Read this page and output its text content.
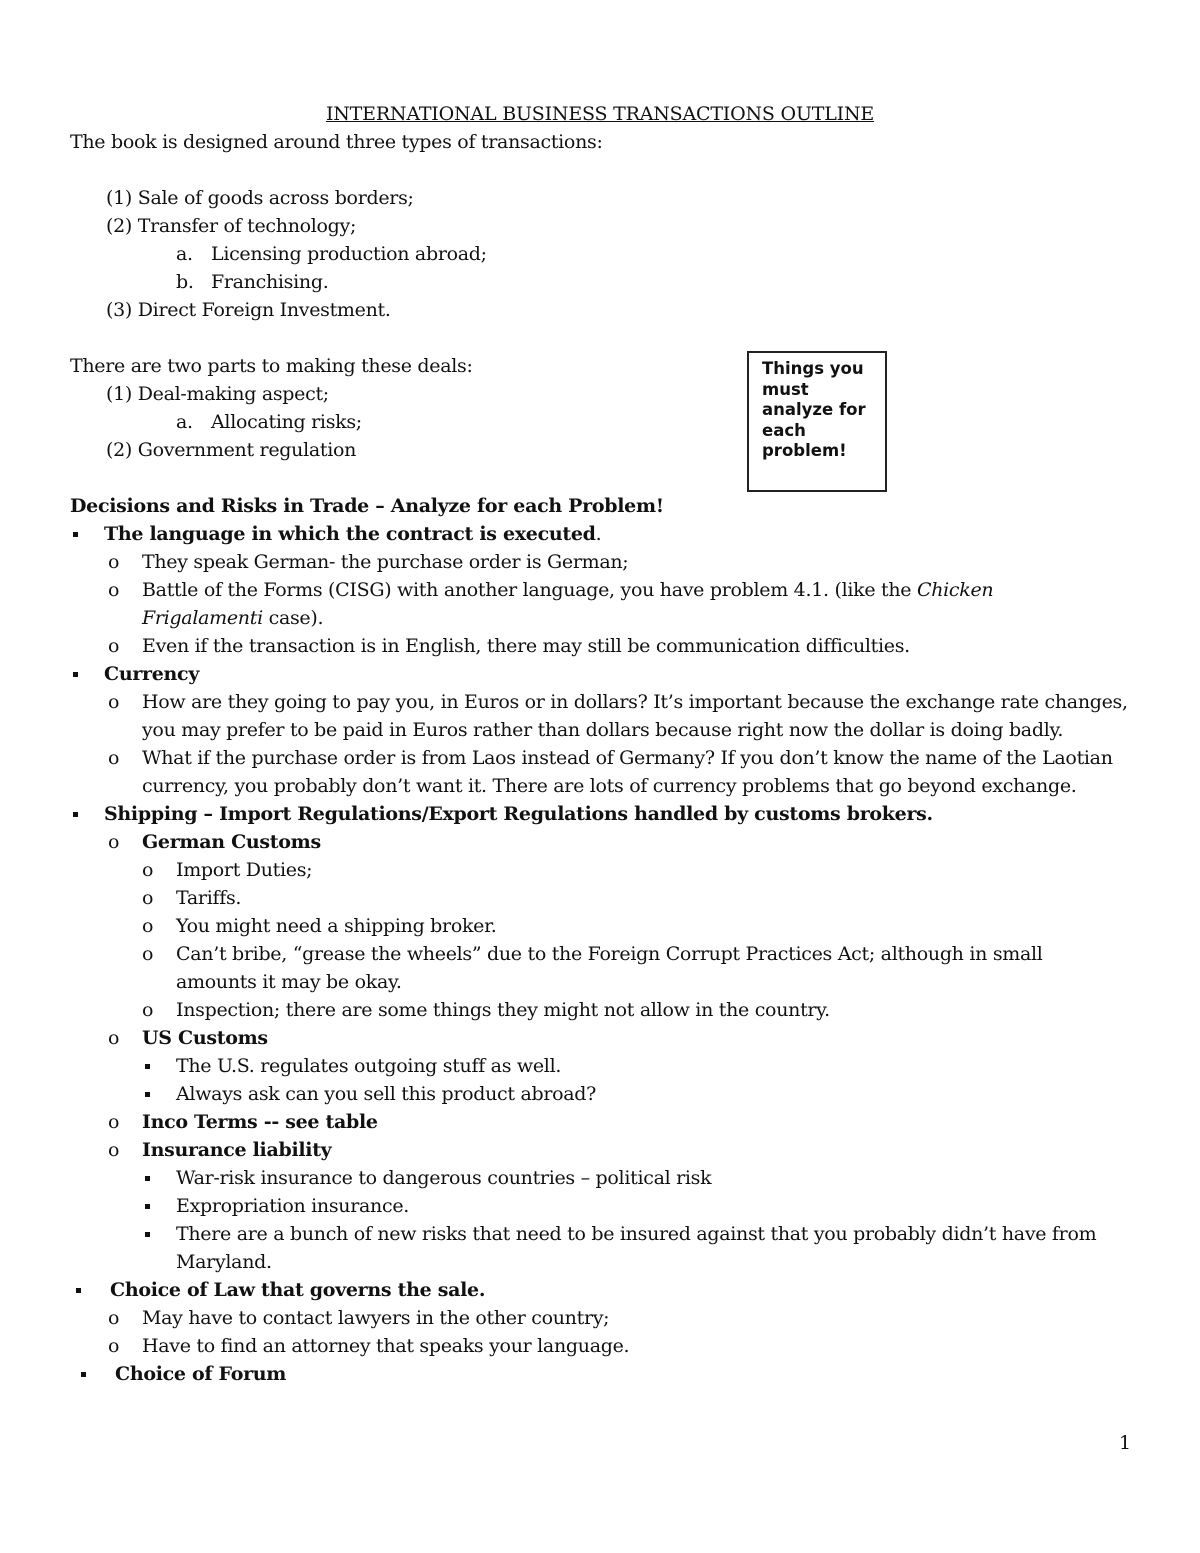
INTERNATIONAL BUSINESS TRANSACTIONS OUTLINE
The book is designed around three types of transactions:
(1) Sale of goods across borders;
(2) Transfer of technology;
a. Licensing production abroad;
b. Franchising.
(3) Direct Foreign Investment.
There are two parts to making these deals:
(1) Deal-making aspect;
a. Allocating risks;
(2) Government regulation
Things you
must
analyze for
each
problem!
Decisions and Risks in Trade – Analyze for each Problem!
The language in which the contract is executed.
o They speak German- the purchase order is German;
o Battle of the Forms (CISG) with another language, you have problem 4.1. (like the Chicken
Frigalamenti case).
o Even if the transaction is in English, there may still be communication difficulties.
Currency
o How are they going to pay you, in Euros or in dollars? It’s important because the exchange rate changes,
you may prefer to be paid in Euros rather than dollars because right now the dollar is doing badly.
o What if the purchase order is from Laos instead of Germany? If you don’t know the name of the Laotian
currency, you probably don’t want it. There are lots of currency problems that go beyond exchange.
Shipping – Import Regulations/Export Regulations handled by customs brokers.
o German Customs
o Import Duties;
o Tariffs.
o You might need a shipping broker.
o Can’t bribe, “grease the wheels” due to the Foreign Corrupt Practices Act; although in small
amounts it may be okay.
o Inspection; there are some things they might not allow in the country.
o US Customs
The U.S. regulates outgoing stuff as well.
Always ask can you sell this product abroad?
o Inco Terms -- see table
o Insurance liability
War-risk insurance to dangerous countries – political risk
Expropriation insurance.
There are a bunch of new risks that need to be insured against that you probably didn’t have from
Maryland.
Choice of Law that governs the sale.
o May have to contact lawyers in the other country;
o Have to find an attorney that speaks your language.
Choice of Forum
1
